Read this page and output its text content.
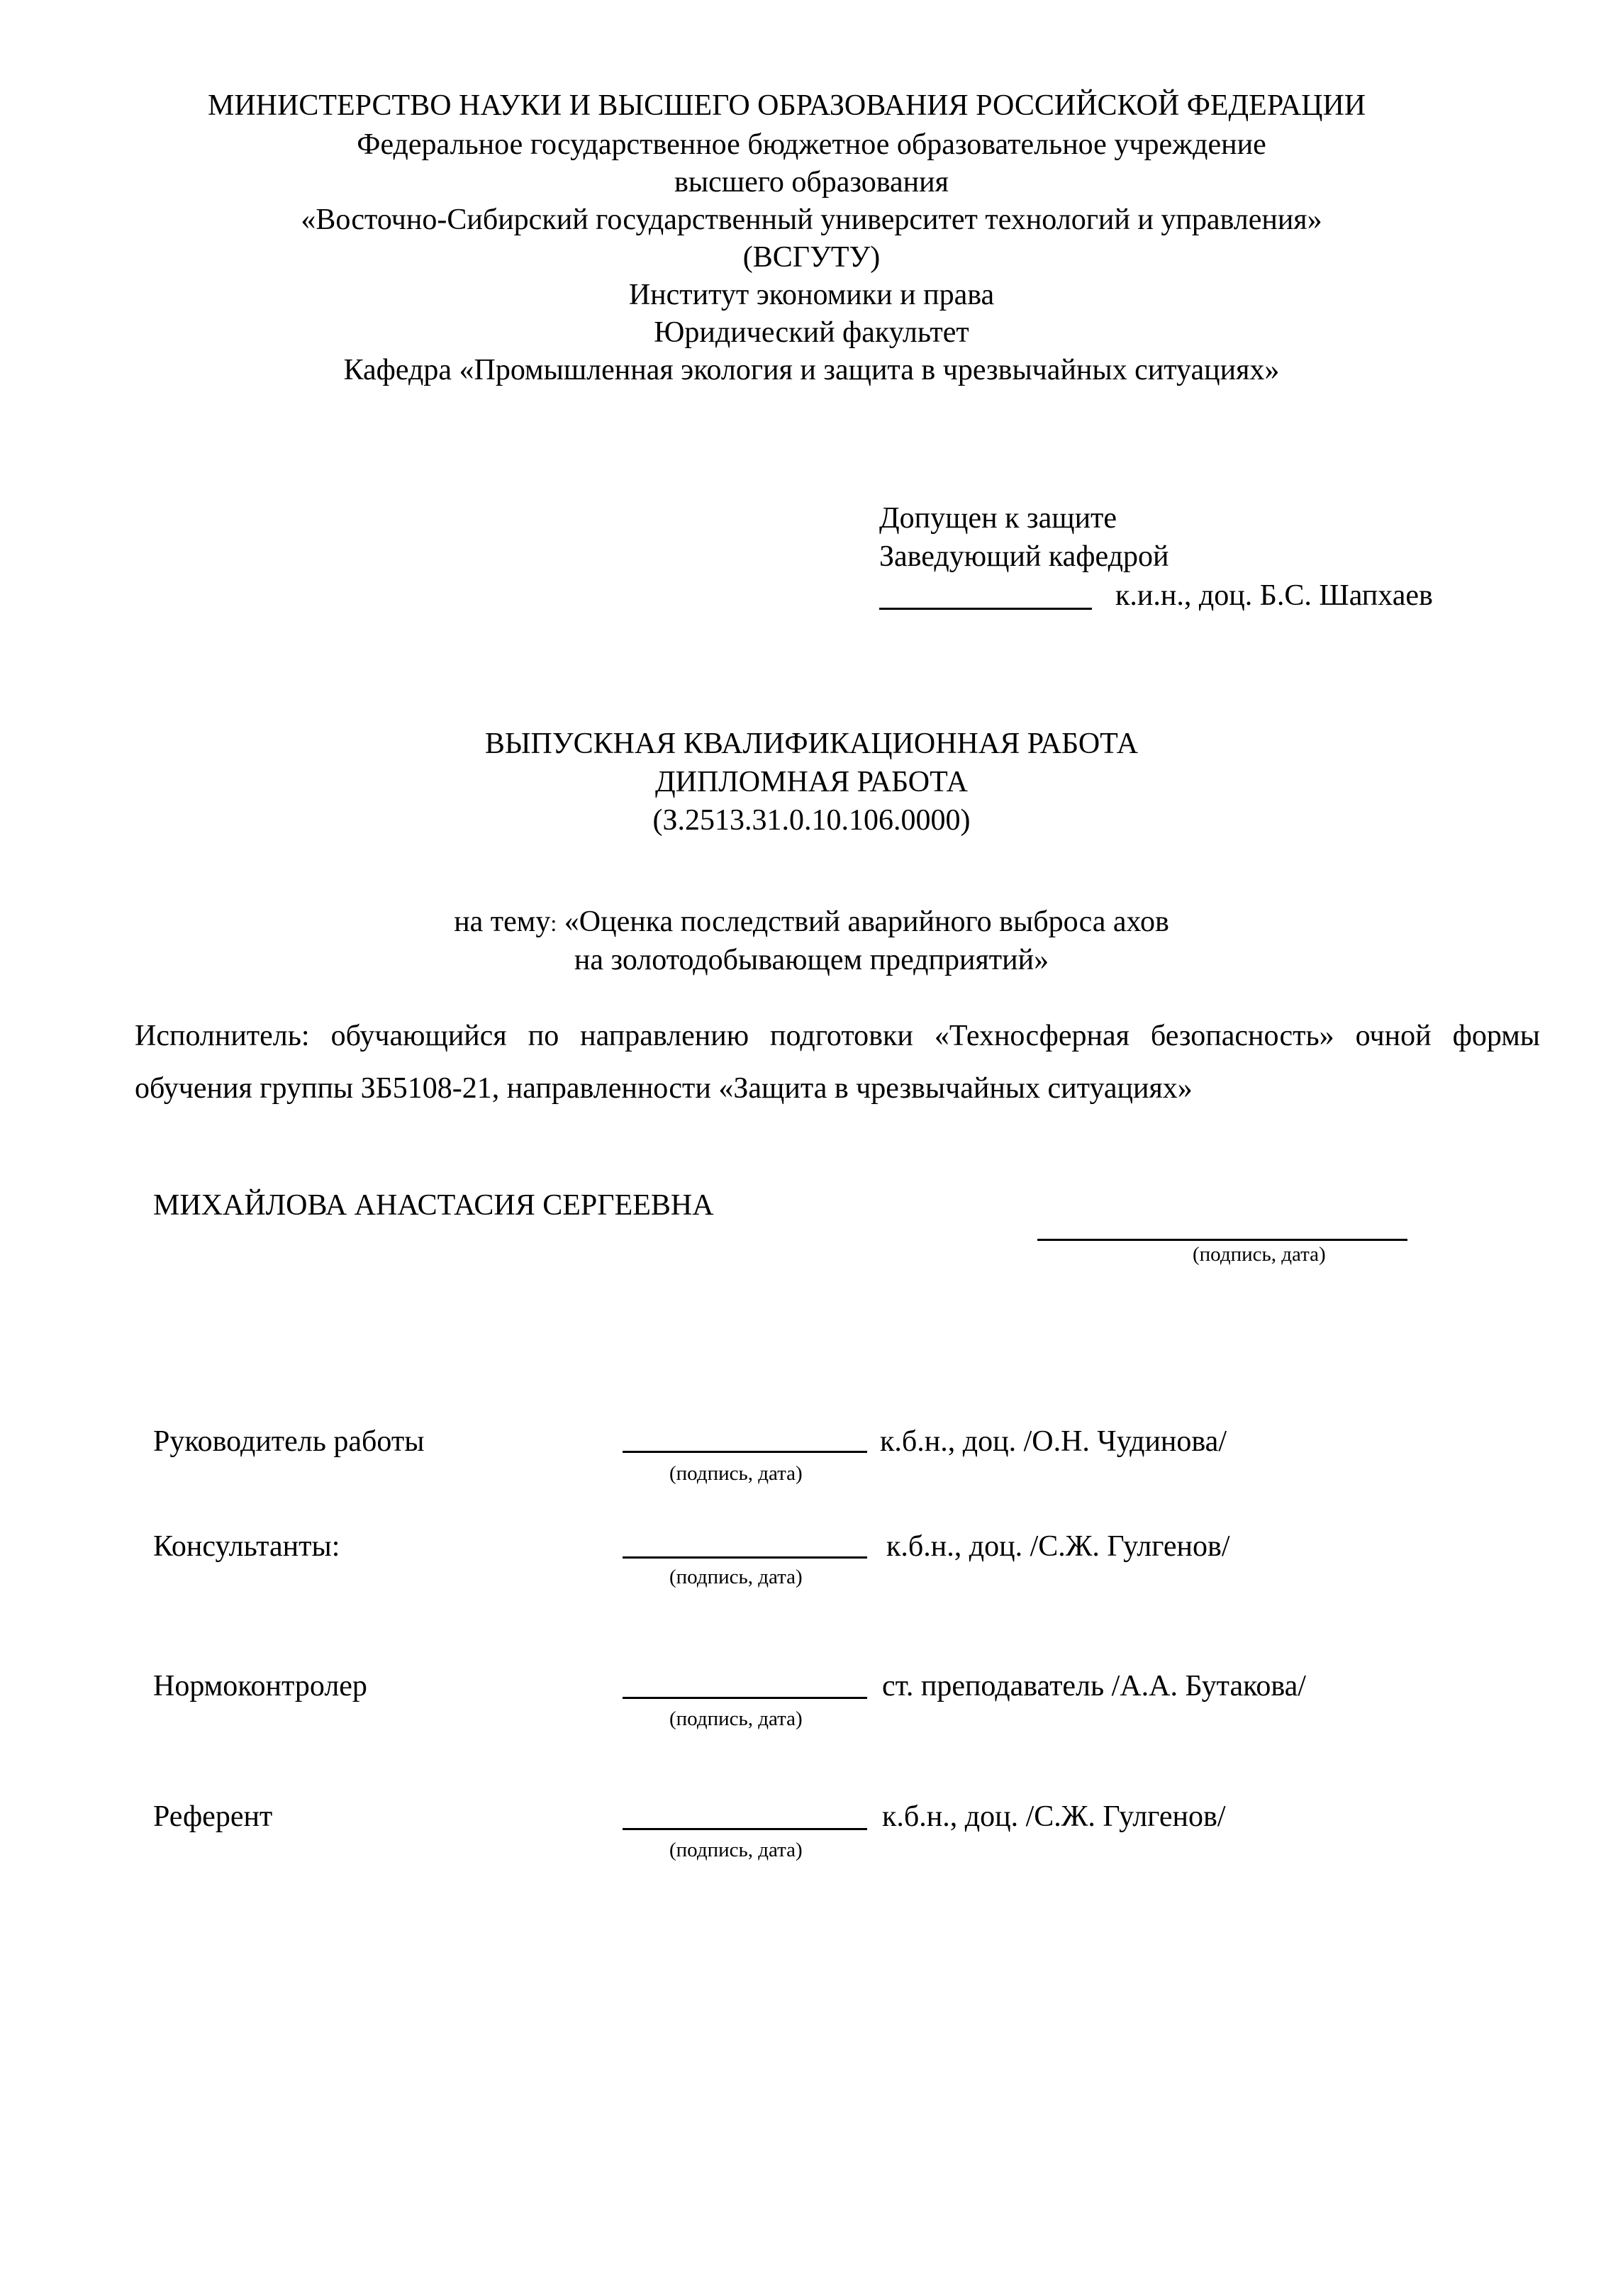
МИНИСТЕРСТВО НАУКИ И ВЫСШЕГО ОБРАЗОВАНИЯ РОССИЙСКОЙ ФЕДЕРАЦИИ
Федеральное государственное бюджетное образовательное учреждение
высшего образования
«Восточно-Сибирский государственный университет технологий и управления»
(ВСГУТУ)
Институт экономики и права
Юридический факультет
Кафедра «Промышленная экология и защита в чрезвычайных ситуациях»
Допущен к защите
Заведующий кафедрой
к.и.н., доц. Б.С. Шапхаев
ВЫПУСКНАЯ КВАЛИФИКАЦИОННАЯ РАБОТА
ДИПЛОМНАЯ РАБОТА
(З.2513.31.0.10.106.0000)
на тему: «Оценка последствий аварийного выброса ахов
на золотодобывающем предприятий»
Исполнитель: обучающийся по направлению подготовки «Техносферная безопасность» очной формы обучения группы ЗБ5108-21, направленности «Защита в чрезвычайных ситуациях»
МИХАЙЛОВА АНАСТАСИЯ СЕРГЕЕВНА
(подпись, дата)
Руководитель работы	к.б.н., доц. /О.Н. Чудинова/
(подпись, дата)
Консультанты:	к.б.н., доц. /С.Ж. Гулгенов/
(подпись, дата)
Нормоконтролер	ст. преподаватель /А.А. Бутакова/
(подпись, дата)
Референт	к.б.н., доц. /С.Ж. Гулгенов/
(подпись, дата)
